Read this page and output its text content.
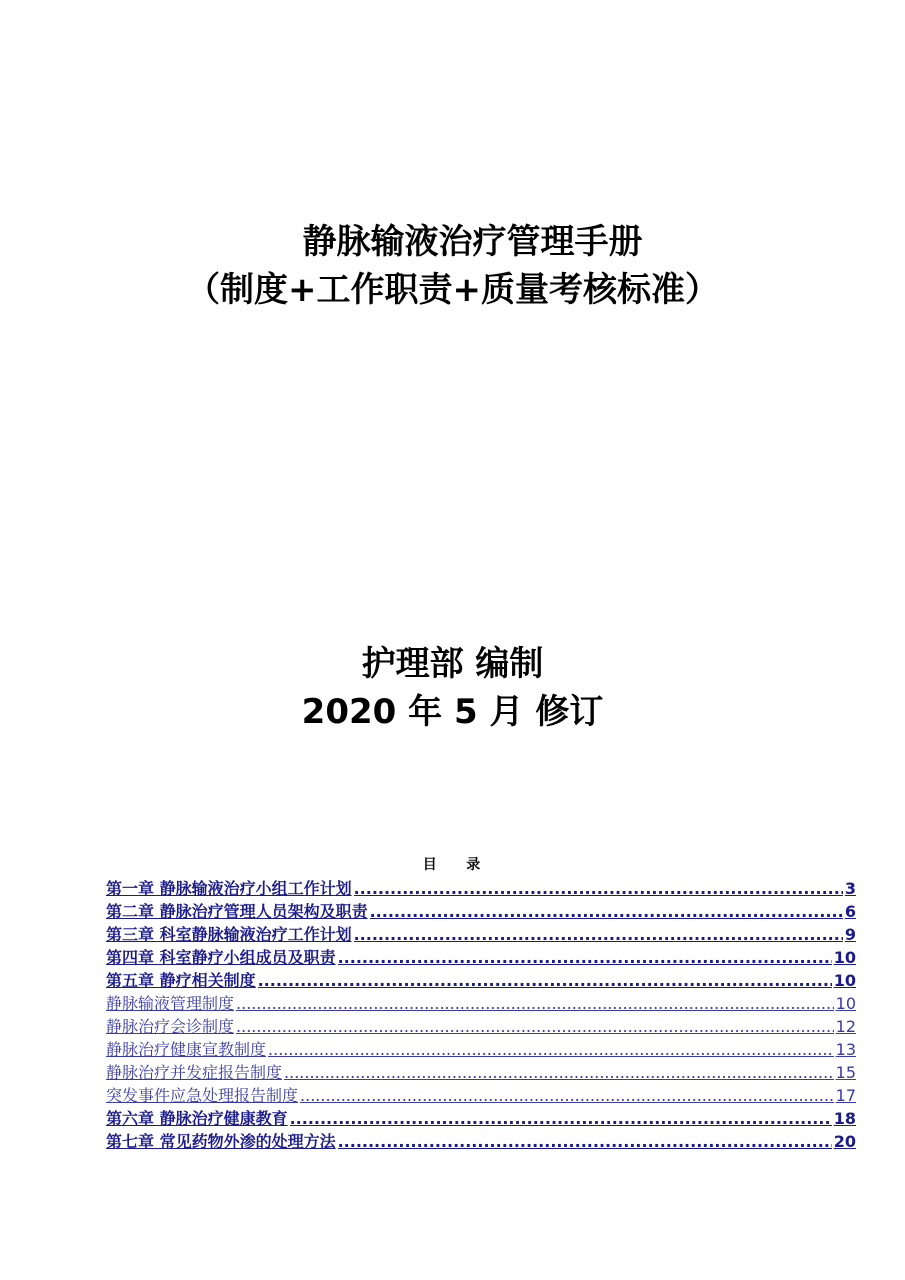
静脉输液治疗管理手册
（制度+工作职责+质量考核标准）
护理部 编制
2020 年 5 月 修订
目    录
第一章 静脉输液治疗小组工作计划 .....	3
第二章 静脉治疗管理人员架构及职责 .....	6
第三章 科室静脉输液治疗工作计划 .....	9
第四章 科室静疗小组成员及职责 .....	10
第五章 静疗相关制度 .....	10
静脉输液管理制度 .....	10
静脉治疗会诊制度 .....	12
静脉治疗健康宣教制度 .....	13
静脉治疗并发症报告制度 .....	15
突发事件应急处理报告制度 .....	17
第六章 静脉治疗健康教育 .....	18
第七章 常见药物外渗的处理方法 .....	20
